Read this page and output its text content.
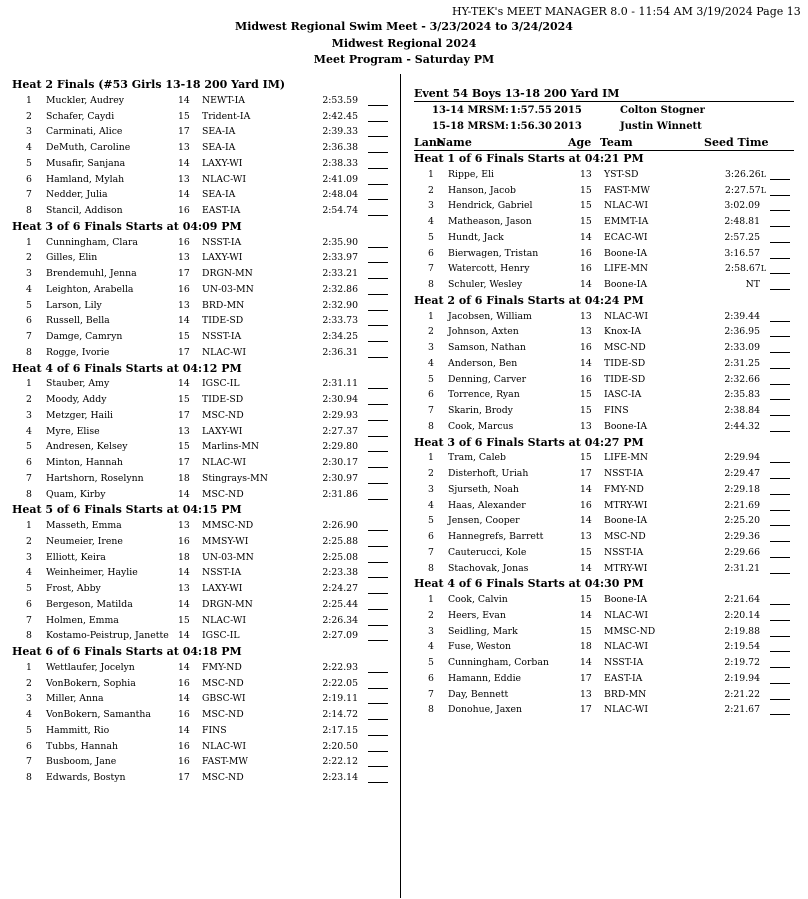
HY-TEK's MEET MANAGER 8.0 - 11:54 AM 3/19/2024 Page 13
Midwest Regional Swim Meet - 3/23/2024 to 3/24/2024
Midwest Regional 2024
Meet Program - Saturday PM
Heat 2 Finals (#53 Girls 13-18 200 Yard IM)
1	Muckler, Audrey	14 NEWT-IA	2:53.59
2	Schafer, Caydi	15 Trident-IA	2:42.45
3	Carminati, Alice	17 SEA-IA	2:39.33
4	DeMuth, Caroline	13 SEA-IA	2:36.38
5	Musafir, Sanjana	14 LAXY-WI	2:38.33
6	Hamland, Mylah	13 NLAC-WI	2:41.09
7	Nedder, Julia	14 SEA-IA	2:48.04
8	Stancil, Addison	16 EAST-IA	2:54.74
Heat 3 of 6 Finals Starts at 04:09 PM
1	Cunningham, Clara	16 NSST-IA	2:35.90
2	Gilles, Elin	13 LAXY-WI	2:33.97
3	Brendemuhl, Jenna	17 DRGN-MN	2:33.21
4	Leighton, Arabella	16 UN-03-MN	2:32.86
5	Larson, Lily	13 BRD-MN	2:32.90
6	Russell, Bella	14 TIDE-SD	2:33.73
7	Damge, Camryn	15 NSST-IA	2:34.25
8	Rogge, Ivorie	17 NLAC-WI	2:36.31
Heat 4 of 6 Finals Starts at 04:12 PM
1	Stauber, Amy	14 IGSC-IL	2:31.11
2	Moody, Addy	15 TIDE-SD	2:30.94
3	Metzger, Haili	17 MSC-ND	2:29.93
4	Myre, Elise	13 LAXY-WI	2:27.37
5	Andresen, Kelsey	15 Marlins-MN	2:29.80
6	Minton, Hannah	17 NLAC-WI	2:30.17
7	Hartshorn, Roselynn	18 Stingrays-MN	2:30.97
8	Quam, Kirby	14 MSC-ND	2:31.86
Heat 5 of 6 Finals Starts at 04:15 PM
1	Masseth, Emma	13 MMSC-ND	2:26.90
2	Neumeier, Irene	16 MMSY-WI	2:25.88
3	Elliott, Keira	18 UN-03-MN	2:25.08
4	Weinheimer, Haylie	14 NSST-IA	2:23.38
5	Frost, Abby	13 LAXY-WI	2:24.27
6	Bergeson, Matilda	14 DRGN-MN	2:25.44
7	Holmen, Emma	15 NLAC-WI	2:26.34
8	Kostamo-Peistrup, Janette 14 IGSC-IL	2:27.09
Heat 6 of 6 Finals Starts at 04:18 PM
1	Wettlaufer, Jocelyn	14 FMY-ND	2:22.93
2	VonBokern, Sophia	16 MSC-ND	2:22.05
3	Miller, Anna	14 GBSC-WI	2:19.11
4	VonBokern, Samantha	16 MSC-ND	2:14.72
5	Hammitt, Rio	14 FINS	2:17.15
6	Tubbs, Hannah	16 NLAC-WI	2:20.50
7	Busboom, Jane	16 FAST-MW	2:22.12
8	Edwards, Bostyn	17 MSC-ND	2:23.14
Event 54 Boys 13-18 200 Yard IM
13-14 MRSM: 1:57.55 2015	Colton Stogner
15-18 MRSM: 1:56.30 2013	Justin Winnett
Lane
Name	Age Team	Seed Time
Heat 1 of 6 Finals Starts at 04:21 PM
1	Rippe, Eli	13 YST-SD	3:26.26L
2	Hanson, Jacob	15 FAST-MW	2:27.57L
3	Hendrick, Gabriel	15 NLAC-WI	3:02.09
4	Matheason, Jason	15 EMMT-IA	2:48.81
5	Hundt, Jack	14 ECAC-WI	2:57.25
6	Bierwagen, Tristan	16 Boone-IA	3:16.57
7	Watercott, Henry	16 LIFE-MN	2:58.67L
8	Schuler, Wesley	14 Boone-IA	NT
Heat 2 of 6 Finals Starts at 04:24 PM
1	Jacobsen, William	13 NLAC-WI	2:39.44
2	Johnson, Axten	13 Knox-IA	2:36.95
3	Samson, Nathan	16 MSC-ND	2:33.09
4	Anderson, Ben	14 TIDE-SD	2:31.25
5	Denning, Carver	16 TIDE-SD	2:32.66
6	Torrence, Ryan	15 IASC-IA	2:35.83
7	Skarin, Brody	15 FINS	2:38.84
8	Cook, Marcus	13 Boone-IA	2:44.32
Heat 3 of 6 Finals Starts at 04:27 PM
1	Tram, Caleb	15 LIFE-MN	2:29.94
2	Disterhoft, Uriah	17 NSST-IA	2:29.47
3	Sjurseth, Noah	14 FMY-ND	2:29.18
4	Haas, Alexander	16 MTRY-WI	2:21.69
5	Jensen, Cooper	14 Boone-IA	2:25.20
6	Hannegrefs, Barrett	13 MSC-ND	2:29.36
7	Cauterucci, Kole	15 NSST-IA	2:29.66
8	Stachovak, Jonas	14 MTRY-WI	2:31.21
Heat 4 of 6 Finals Starts at 04:30 PM
1	Cook, Calvin	15 Boone-IA	2:21.64
2	Heers, Evan	14 NLAC-WI	2:20.14
3	Seidling, Mark	15 MMSC-ND	2:19.88
4	Fuse, Weston	18 NLAC-WI	2:19.54
5	Cunningham, Corban	14 NSST-IA	2:19.72
6	Hamann, Eddie	17 EAST-IA	2:19.94
7	Day, Bennett	13 BRD-MN	2:21.22
8	Donohue, Jaxen	17 NLAC-WI	2:21.67
